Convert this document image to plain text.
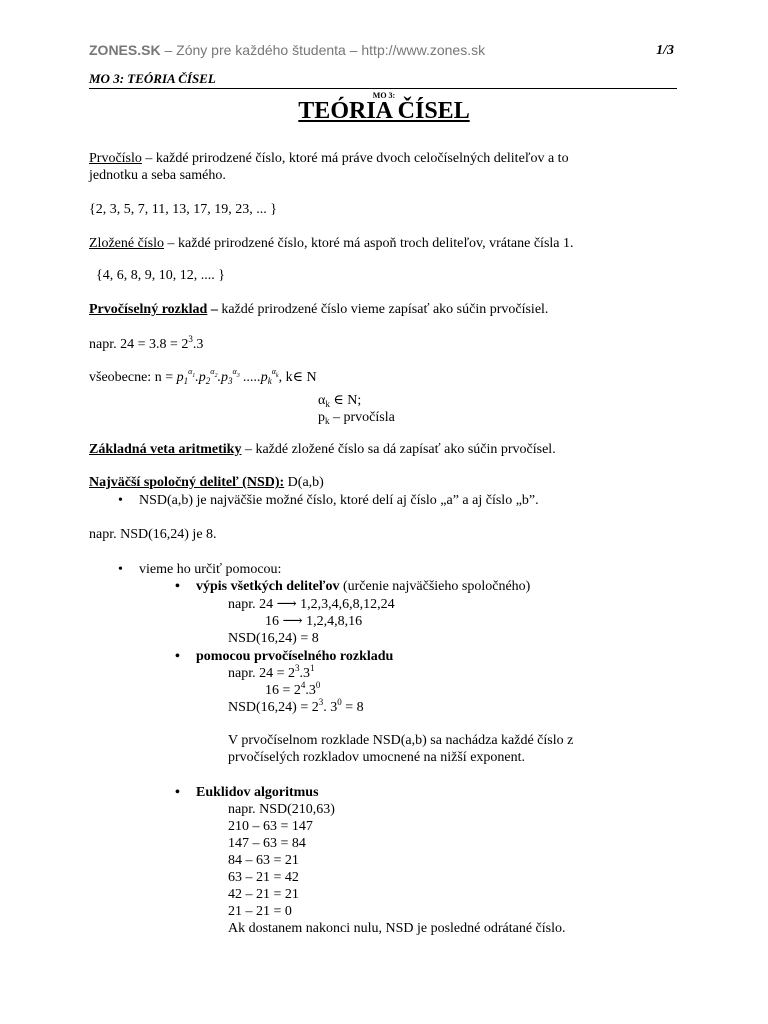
ZONES.SK – Zóny pre každého študenta – http://www.zones.sk	1/3
MO 3: TEÓRIA ČÍSEL
MO 3:
TEÓRIA ČÍSEL
Prvočíslo – každé prirodzené číslo, ktoré má práve dvoch celočíselných deliteľov a to
jednotku a seba samého.
{2, 3, 5, 7, 11, 13, 17, 19, 23, ... }
Zložené číslo – každé prirodzené číslo, ktoré má aspoň troch deliteľov, vrátane čísla 1.
{4, 6, 8, 9, 10, 12, .... }
Prvočíselný rozklad – každé prirodzené číslo vieme zapísať ako súčin prvočísiel.
napr. $24 = 3.8 = 2^3.3$
všeobecne: $n = p_1^{\alpha_1}.p_2^{\alpha_2}.p_3^{\alpha_3}$ $.....p_k^{\alpha_k}$, k∈ N
$\alpha_k$ ∈ N;
$p_k$ – prvočísla
Základná veta aritmetiky – každé zložené číslo sa dá zapísať ako súčin prvočísel.
Najväčší spoločný deliteľ (NSD): D(a,b)
• NSD(a,b) je najväčšie možné číslo, ktoré delí aj číslo „a” a aj číslo „b”.
napr. NSD(16,24) je 8.
• vieme ho určiť pomocou:
• výpis všetkých deliteľov (určenie najväčšieho spoločného)
napr. 24 ⟶ 1,2,3,4,6,8,12,24
16 ⟶ 1,2,4,8,16
NSD(16,24) = 8
• pomocou prvočíselného rozkladu
napr. $24 = 2^3.3^1$
$16 = 2^4.3^0$
$NSD(16,24) = 2^3$. $3^0 = 8$
V prvočíselnom rozklade NSD(a,b) sa nachádza každé číslo z
prvočíselých rozkladov umocnené na nižší exponent.
• Euklidov algoritmus
napr. NSD(210,63)
210 – 63 = 147
147 – 63 = 84
84 – 63 = 21
63 – 21 = 42
42 – 21 = 21
21 – 21 = 0
Ak dostanem nakonci nulu, NSD je posledné odrátané číslo.
